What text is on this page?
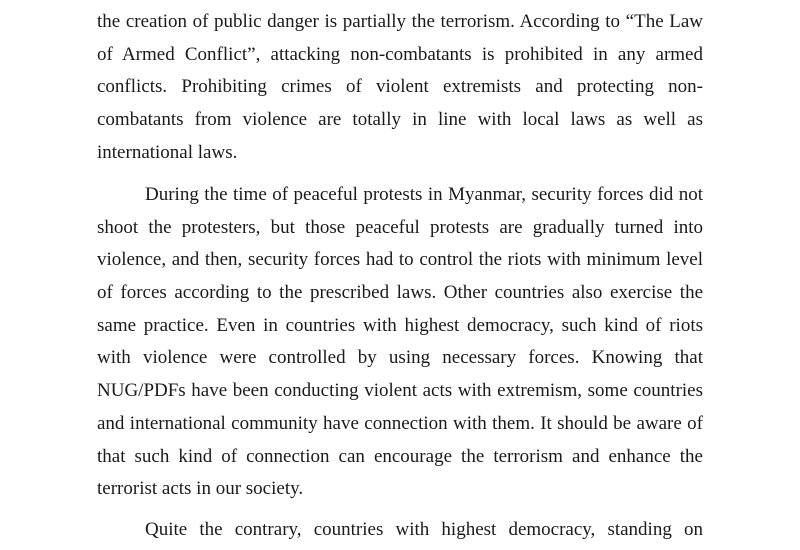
the creation of public danger is partially the terrorism. According to “The Law
of Armed Conflict”, attacking non-combatants is prohibited in any armed
conflicts. Prohibiting crimes of violent extremists and protecting non-
combatants from violence are totally in line with local laws as well as
international laws.
During the time of peaceful protests in Myanmar, security forces did not
shoot the protesters, but those peaceful protests are gradually turned into
violence, and then, security forces had to control the riots with minimum level
of forces according to the prescribed laws. Other countries also exercise the
same practice. Even in countries with highest democracy, such kind of riots
with violence were controlled by using necessary forces. Knowing that
NUG/PDFs have been conducting violent acts with extremism, some countries
and international community have connection with them. It should be aware of
that such kind of connection can encourage the terrorism and enhance the
terrorist acts in our society.
Quite the contrary, countries with highest democracy, standing on
